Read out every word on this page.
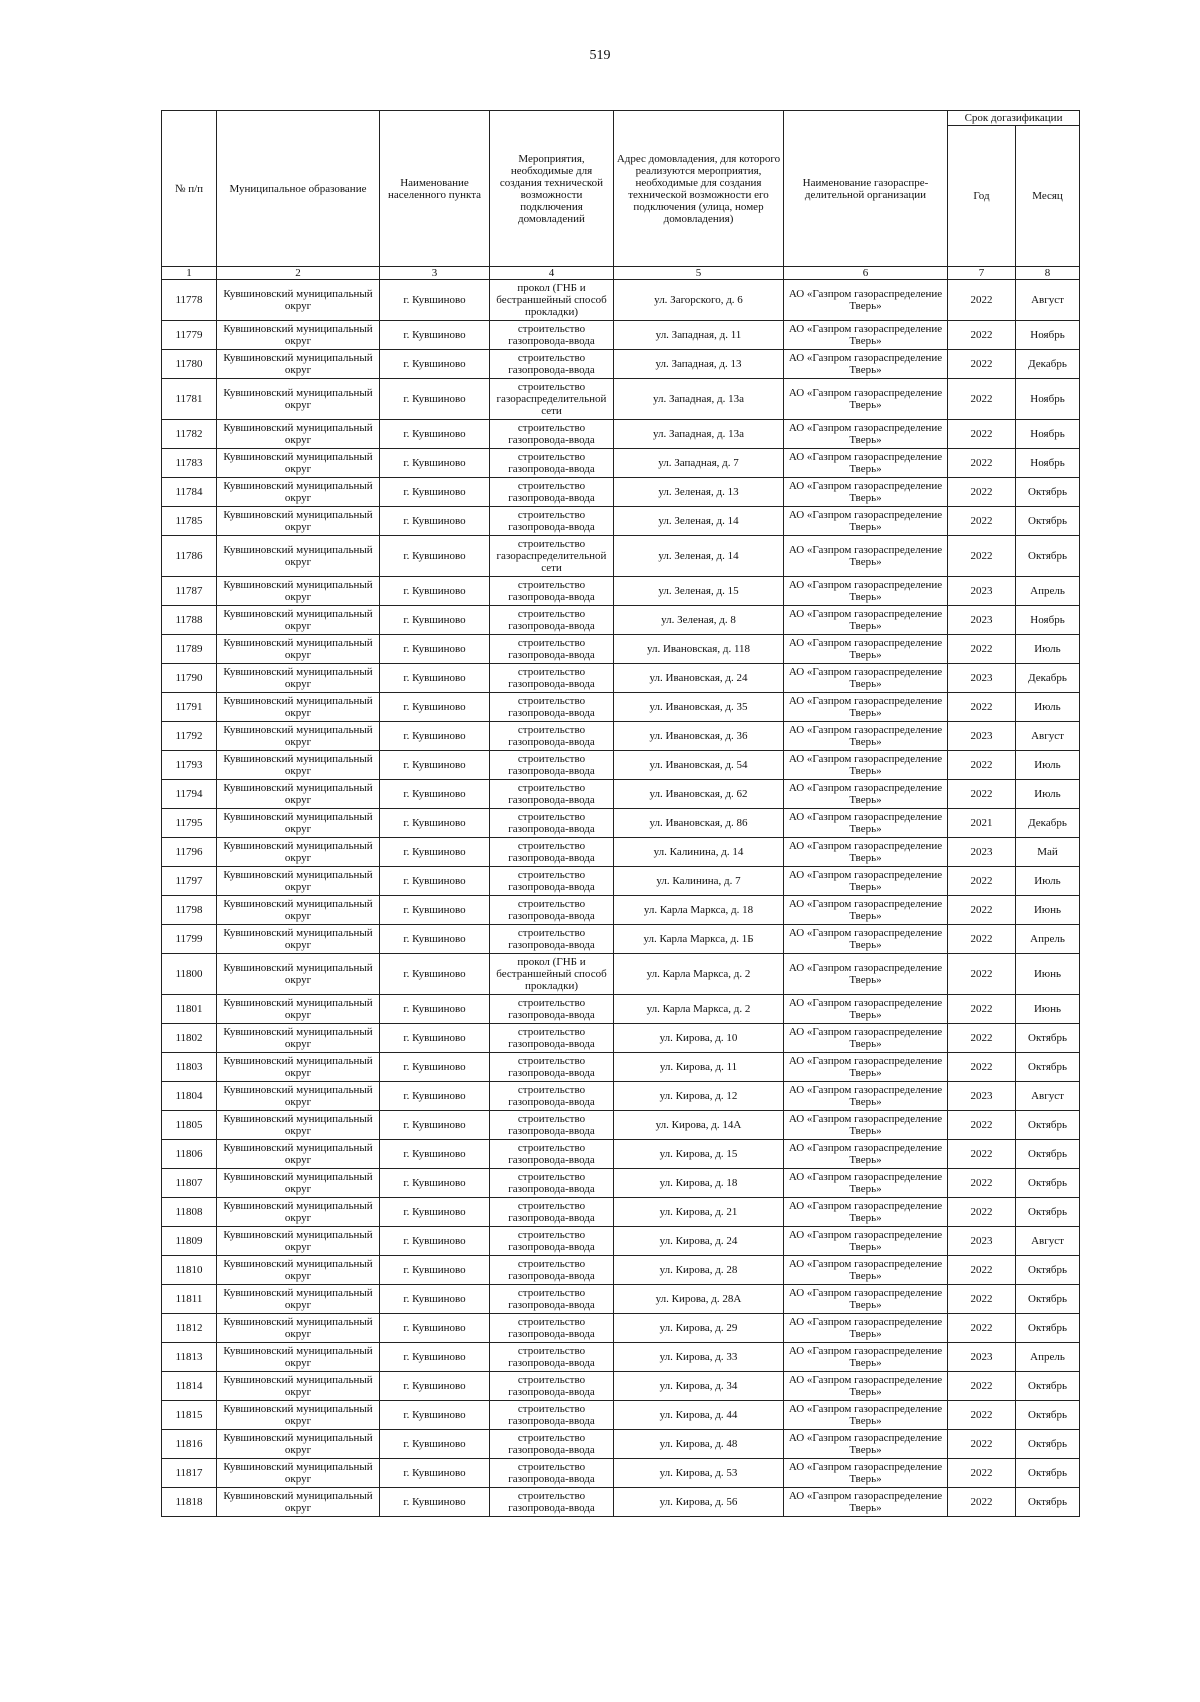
519
№ п/п	Муниципальное образование	Наименование населенного пункта	Мероприятия, необходимые для создания технической возможности подключения домовладений	Адрес домовладения, для которого реализуются мероприятия, необходимые для создания технической возможности его подключения (улица, номер домовладения)	Наименование газораспре-делительной организации	Срок догазификации	
						Год	Месяц
1	2	3	4	5	6	7	8
11778	Кувшиновский муниципальный округ	г. Кувшиново	прокол (ГНБ и бестраншейный способ прокладки)	ул. Загорского, д. 6	АО «Газпром газораспределение Тверь»	2022	Август
11779	Кувшиновский муниципальный округ	г. Кувшиново	строительство газопровода-ввода	ул. Западная, д. 11	АО «Газпром газораспределение Тверь»	2022	Ноябрь
11780	Кувшиновский муниципальный округ	г. Кувшиново	строительство газопровода-ввода	ул. Западная, д. 13	АО «Газпром газораспределение Тверь»	2022	Декабрь
11781	Кувшиновский муниципальный округ	г. Кувшиново	строительство газораспределительной сети	ул. Западная, д. 13а	АО «Газпром газораспределение Тверь»	2022	Ноябрь
11782	Кувшиновский муниципальный округ	г. Кувшиново	строительство газопровода-ввода	ул. Западная, д. 13а	АО «Газпром газораспределение Тверь»	2022	Ноябрь
11783	Кувшиновский муниципальный округ	г. Кувшиново	строительство газопровода-ввода	ул. Западная, д. 7	АО «Газпром газораспределение Тверь»	2022	Ноябрь
11784	Кувшиновский муниципальный округ	г. Кувшиново	строительство газопровода-ввода	ул. Зеленая, д. 13	АО «Газпром газораспределение Тверь»	2022	Октябрь
11785	Кувшиновский муниципальный округ	г. Кувшиново	строительство газопровода-ввода	ул. Зеленая, д. 14	АО «Газпром газораспределение Тверь»	2022	Октябрь
11786	Кувшиновский муниципальный округ	г. Кувшиново	строительство газораспределительной сети	ул. Зеленая, д. 14	АО «Газпром газораспределение Тверь»	2022	Октябрь
11787	Кувшиновский муниципальный округ	г. Кувшиново	строительство газопровода-ввода	ул. Зеленая, д. 15	АО «Газпром газораспределение Тверь»	2023	Апрель
11788	Кувшиновский муниципальный округ	г. Кувшиново	строительство газопровода-ввода	ул. Зеленая, д. 8	АО «Газпром газораспределение Тверь»	2023	Ноябрь
11789	Кувшиновский муниципальный округ	г. Кувшиново	строительство газопровода-ввода	ул. Ивановская, д. 118	АО «Газпром газораспределение Тверь»	2022	Июль
11790	Кувшиновский муниципальный округ	г. Кувшиново	строительство газопровода-ввода	ул. Ивановская, д. 24	АО «Газпром газораспределение Тверь»	2023	Декабрь
11791	Кувшиновский муниципальный округ	г. Кувшиново	строительство газопровода-ввода	ул. Ивановская, д. 35	АО «Газпром газораспределение Тверь»	2022	Июль
11792	Кувшиновский муниципальный округ	г. Кувшиново	строительство газопровода-ввода	ул. Ивановская, д. 36	АО «Газпром газораспределение Тверь»	2023	Август
11793	Кувшиновский муниципальный округ	г. Кувшиново	строительство газопровода-ввода	ул. Ивановская, д. 54	АО «Газпром газораспределение Тверь»	2022	Июль
11794	Кувшиновский муниципальный округ	г. Кувшиново	строительство газопровода-ввода	ул. Ивановская, д. 62	АО «Газпром газораспределение Тверь»	2022	Июль
11795	Кувшиновский муниципальный округ	г. Кувшиново	строительство газопровода-ввода	ул. Ивановская, д. 86	АО «Газпром газораспределение Тверь»	2021	Декабрь
11796	Кувшиновский муниципальный округ	г. Кувшиново	строительство газопровода-ввода	ул. Калинина, д. 14	АО «Газпром газораспределение Тверь»	2023	Май
11797	Кувшиновский муниципальный округ	г. Кувшиново	строительство газопровода-ввода	ул. Калинина, д. 7	АО «Газпром газораспределение Тверь»	2022	Июль
11798	Кувшиновский муниципальный округ	г. Кувшиново	строительство газопровода-ввода	ул. Карла Маркса, д. 18	АО «Газпром газораспределение Тверь»	2022	Июнь
11799	Кувшиновский муниципальный округ	г. Кувшиново	строительство газопровода-ввода	ул. Карла Маркса, д. 1Б	АО «Газпром газораспределение Тверь»	2022	Апрель
11800	Кувшиновский муниципальный округ	г. Кувшиново	прокол (ГНБ и бестраншейный способ прокладки)	ул. Карла Маркса, д. 2	АО «Газпром газораспределение Тверь»	2022	Июнь
11801	Кувшиновский муниципальный округ	г. Кувшиново	строительство газопровода-ввода	ул. Карла Маркса, д. 2	АО «Газпром газораспределение Тверь»	2022	Июнь
11802	Кувшиновский муниципальный округ	г. Кувшиново	строительство газопровода-ввода	ул. Кирова, д. 10	АО «Газпром газораспределение Тверь»	2022	Октябрь
11803	Кувшиновский муниципальный округ	г. Кувшиново	строительство газопровода-ввода	ул. Кирова, д. 11	АО «Газпром газораспределение Тверь»	2022	Октябрь
11804	Кувшиновский муниципальный округ	г. Кувшиново	строительство газопровода-ввода	ул. Кирова, д. 12	АО «Газпром газораспределение Тверь»	2023	Август
11805	Кувшиновский муниципальный округ	г. Кувшиново	строительство газопровода-ввода	ул. Кирова, д. 14А	АО «Газпром газораспределение Тверь»	2022	Октябрь
11806	Кувшиновский муниципальный округ	г. Кувшиново	строительство газопровода-ввода	ул. Кирова, д. 15	АО «Газпром газораспределение Тверь»	2022	Октябрь
11807	Кувшиновский муниципальный округ	г. Кувшиново	строительство газопровода-ввода	ул. Кирова, д. 18	АО «Газпром газораспределение Тверь»	2022	Октябрь
11808	Кувшиновский муниципальный округ	г. Кувшиново	строительство газопровода-ввода	ул. Кирова, д. 21	АО «Газпром газораспределение Тверь»	2022	Октябрь
11809	Кувшиновский муниципальный округ	г. Кувшиново	строительство газопровода-ввода	ул. Кирова, д. 24	АО «Газпром газораспределение Тверь»	2023	Август
11810	Кувшиновский муниципальный округ	г. Кувшиново	строительство газопровода-ввода	ул. Кирова, д. 28	АО «Газпром газораспределение Тверь»	2022	Октябрь
11811	Кувшиновский муниципальный округ	г. Кувшиново	строительство газопровода-ввода	ул. Кирова, д. 28А	АО «Газпром газораспределение Тверь»	2022	Октябрь
11812	Кувшиновский муниципальный округ	г. Кувшиново	строительство газопровода-ввода	ул. Кирова, д. 29	АО «Газпром газораспределение Тверь»	2022	Октябрь
11813	Кувшиновский муниципальный округ	г. Кувшиново	строительство газопровода-ввода	ул. Кирова, д. 33	АО «Газпром газораспределение Тверь»	2023	Апрель
11814	Кувшиновский муниципальный округ	г. Кувшиново	строительство газопровода-ввода	ул. Кирова, д. 34	АО «Газпром газораспределение Тверь»	2022	Октябрь
11815	Кувшиновский муниципальный округ	г. Кувшиново	строительство газопровода-ввода	ул. Кирова, д. 44	АО «Газпром газораспределение Тверь»	2022	Октябрь
11816	Кувшиновский муниципальный округ	г. Кувшиново	строительство газопровода-ввода	ул. Кирова, д. 48	АО «Газпром газораспределение Тверь»	2022	Октябрь
11817	Кувшиновский муниципальный округ	г. Кувшиново	строительство газопровода-ввода	ул. Кирова, д. 53	АО «Газпром газораспределение Тверь»	2022	Октябрь
11818	Кувшиновский муниципальный округ	г. Кувшиново	строительство газопровода-ввода	ул. Кирова, д. 56	АО «Газпром газораспределение Тверь»	2022	Октябрь
